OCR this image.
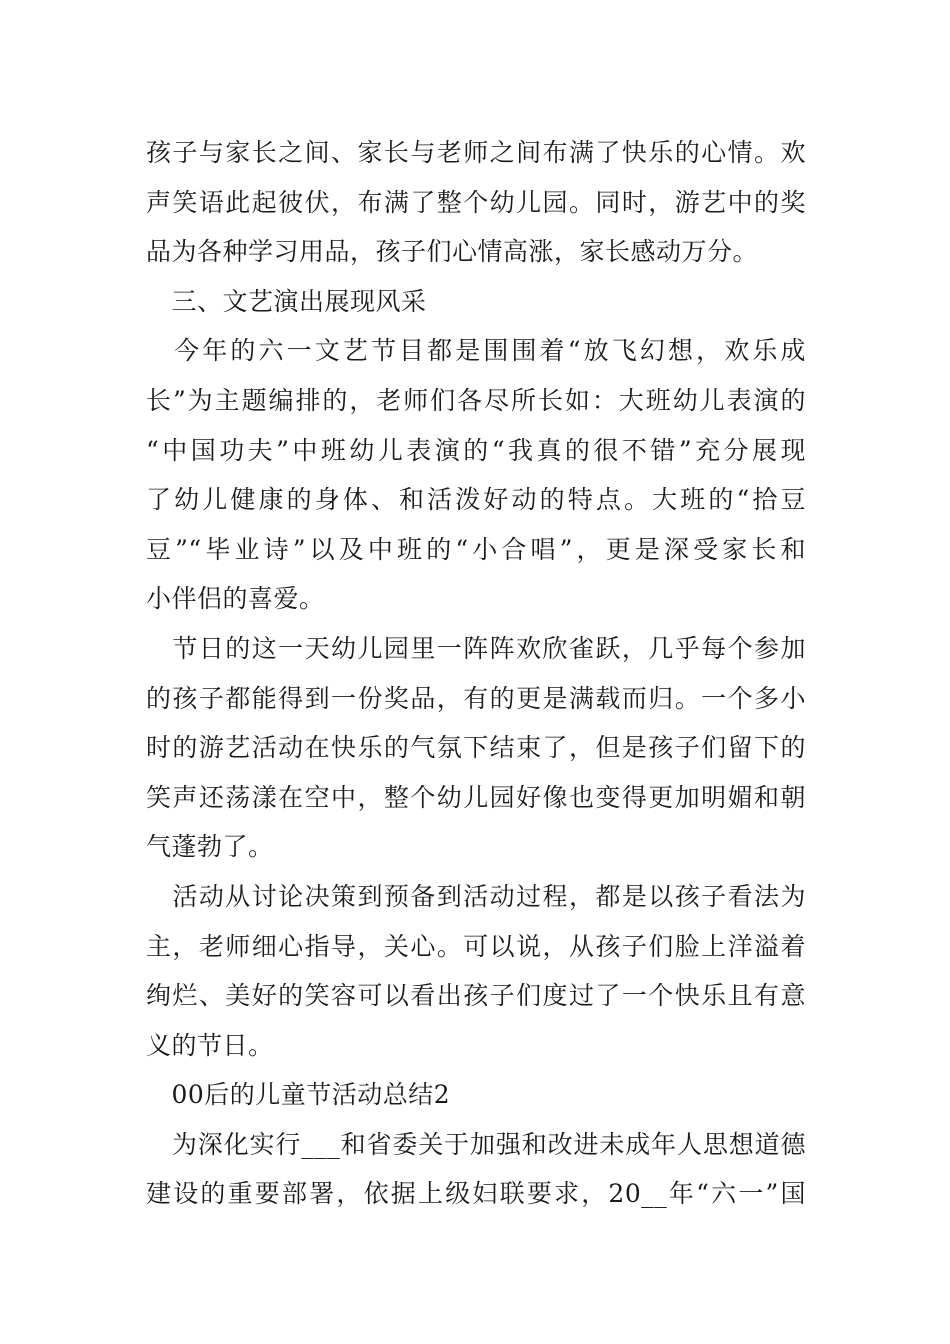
孩子与家长之间、家长与老师之间布满了快乐的心情。欢
声笑语此起彼伏，布满了整个幼儿园。同时，游艺中的奖
品为各种学习用品，孩子们心情高涨，家长感动万分。
　三、文艺演出展现风采
　今年的六一文艺节目都是围围着“放飞幻想，欢乐成
长”为主题编排的，老师们各尽所长如：大班幼儿表演的
“中国功夫”中班幼儿表演的“我真的很不错”充分展现
了幼儿健康的身体、和活泼好动的特点。大班的“拾豆
豆”“毕业诗”以及中班的“小合唱”，更是深受家长和
小伴侣的喜爱。
　节日的这一天幼儿园里一阵阵欢欣雀跃，几乎每个参加
的孩子都能得到一份奖品，有的更是满载而归。一个多小
时的游艺活动在快乐的气氛下结束了，但是孩子们留下的
笑声还荡漾在空中，整个幼儿园好像也变得更加明媚和朝
气蓬勃了。
　活动从讨论决策到预备到活动过程，都是以孩子看法为
主，老师细心指导，关心。可以说，从孩子们脸上洋溢着
绚烂、美好的笑容可以看出孩子们度过了一个快乐且有意
义的节日。
　00后的儿童节活动总结2
　为深化实行___和省委关于加强和改进未成年人思想道德
建设的重要部署，依据上级妇联要求，20__年“六一”国
